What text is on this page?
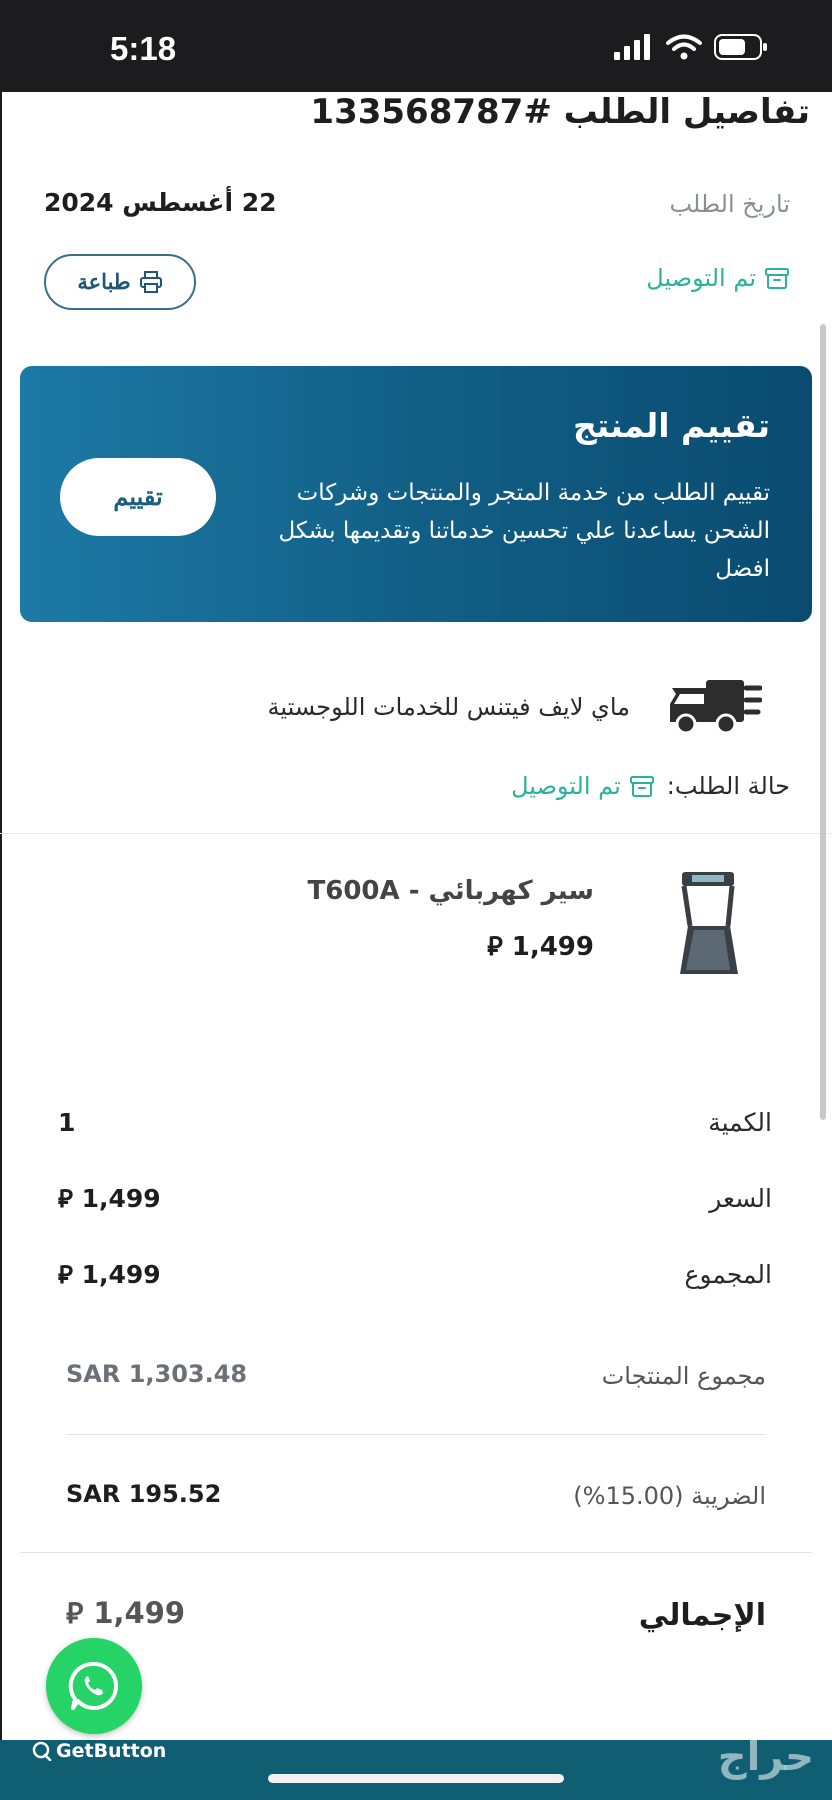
5:18
تفاصيل الطلب #133568787
تاريخ الطلب
22 أغسطس 2024
تم التوصيل
طباعة
تقييم المنتج
تقييم الطلب من خدمة المتجر والمنتجات وشركات الشحن يساعدنا علي تحسين خدماتنا وتقديمها بشكل افضل
تقييم
ماي لايف فيتنس للخدمات اللوجستية
حالة الطلب:
تم التوصيل
سير كهربائي - T600A
1,499 ⃁
الكمية
1
السعر
1,499 ⃁
المجموع
1,499 ⃁
مجموع المنتجات
SAR 1,303.48
الضريبة (15.00%)
SAR 195.52
الإجمالي
1,499 ⃁
حراج
GetButton
